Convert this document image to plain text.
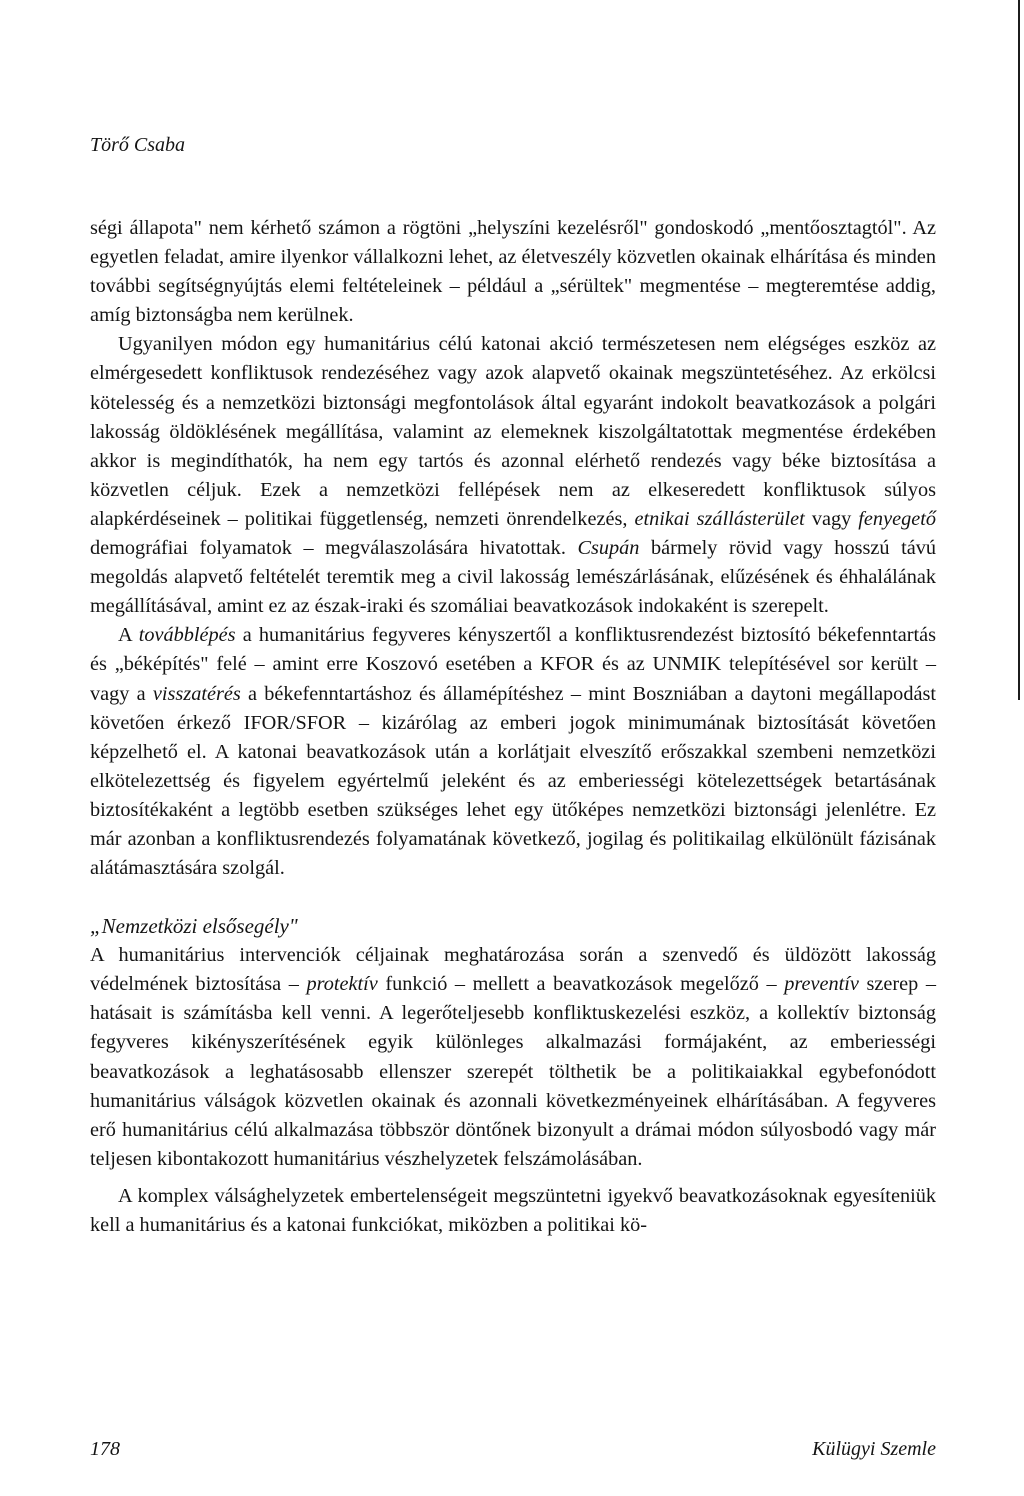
Törő Csaba

ségi állapota" nem kérhető számon a rögtöni „helyszíni kezelésről" gondoskodó „mentőosztagtól". Az egyetlen feladat, amire ilyenkor vállalkozni lehet, az életveszély közvetlen okainak elhárítása és minden további segítségnyújtás elemi feltételeinek – például a „sérültek" megmentése – megteremtése addig, amíg biztonságba nem kerülnek.

Ugyanilyen módon egy humanitárius célú katonai akció természetesen nem elégséges eszköz az elmérgesedett konfliktusok rendezéséhez vagy azok alapvető okainak megszüntetéséhez. Az erkölcsi kötelesség és a nemzetközi biztonsági megfontolások által egyaránt indokolt beavatkozások a polgári lakosság öldöklésének megállítása, valamint az elemeknek kiszolgáltatottak megmentése érdekében akkor is megindíthatók, ha nem egy tartós és azonnal elérhető rendezés vagy béke biztosítása a közvetlen céljuk. Ezek a nemzetközi fellépések nem az elkeseredett konfliktusok súlyos alapkérdéseinek – politikai függetlenség, nemzeti önrendelkezés, etnikai szállásterület vagy fenyegető demográfiai folyamatok – megválaszolására hivatottak. Csupán bármely rövid vagy hosszú távú megoldás alapvető feltételét teremtik meg a civil lakosság lemészárlásának, elűzésének és éhhalálának megállításával, amint ez az észak-iraki és szomáliai beavatkozások indokaként is szerepelt.

A továbblépés a humanitárius fegyveres kényszertől a konfliktusrendezést biztosító békefenntartás és „béképítés" felé – amint erre Koszovó esetében a KFOR és az UNMIK telepítésével sor került – vagy a visszatérés a békefenntartáshoz és államépítéshez – mint Boszniában a daytoni megállapodást követően érkező IFOR/SFOR – kizárólag az emberi jogok minimumának biztosítását követően képzelhető el. A katonai beavatkozások után a korlátjait elveszítő erőszakkal szembeni nemzetközi elkötelezettség és figyelem egyértelmű jeleként és az emberiességi kötelezettségek betartásának biztosítékaként a legtöbb esetben szükséges lehet egy ütőképes nemzetközi biztonsági jelenlétre. Ez már azonban a konfliktusrendezés folyamatának következő, jogilag és politikailag elkülönült fázisának alátámasztására szolgál.

„Nemzetközi elsősegély"

A humanitárius intervenciók céljainak meghatározása során a szenvedő és üldözött lakosság védelmének biztosítása – protektív funkció – mellett a beavatkozások megelőző – preventív szerep – hatásait is számításba kell venni. A legerőteljesebb konfliktuskezelési eszköz, a kollektív biztonság fegyveres kikényszerítésének egyik különleges alkalmazási formájaként, az emberiességi beavatkozások a leghatásosabb ellenszer szerepét tölthetik be a politikaiakkal egybefonódott humanitárius válságok közvetlen okainak és azonnali következményeinek elhárításában. A fegyveres erő humanitárius célú alkalmazása többször döntőnek bizonyult a drámai módon súlyosbodó vagy már teljesen kibontakozott humanitárius vészhelyzetek felszámolásában.

A komplex válsághelyzetek embertelenségeit megszüntetni igyekvő beavatkozásoknak egyesíteniük kell a humanitárius és a katonai funkciókat, miközben a politikai kö-

178	Külügyi Szemle
